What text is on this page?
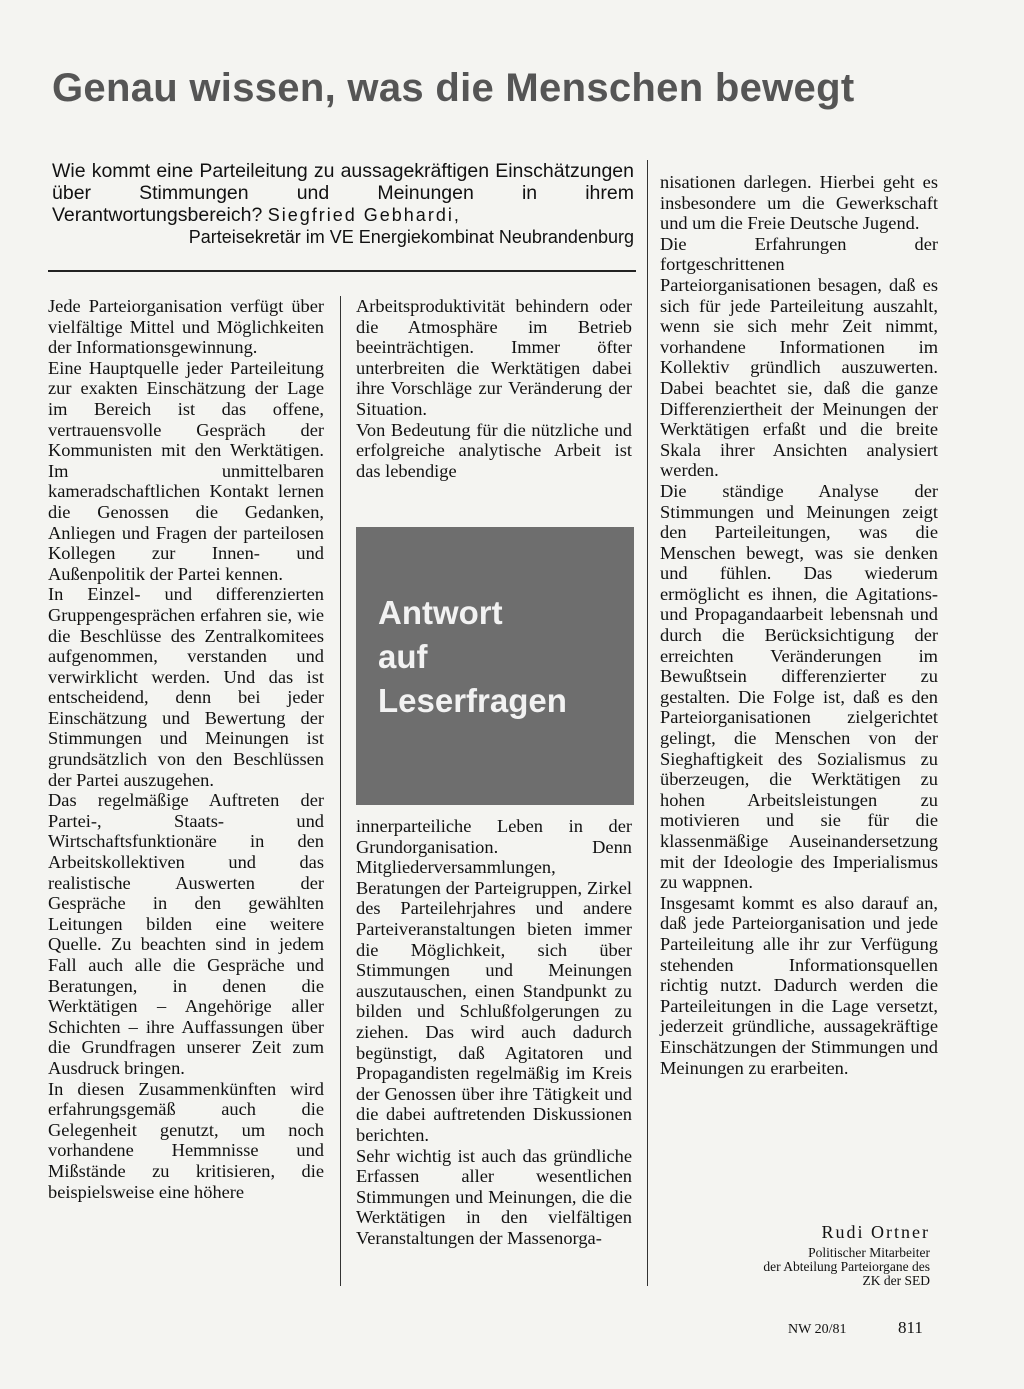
Genau wissen, was die Menschen bewegt
Wie kommt eine Parteileitung zu aussagekräftigen Einschätzungen über Stimmungen und Meinungen in ihrem Verantwortungsbereich? Siegfried Gebhardi,
Parteisekretär im VE Energiekombinat Neubrandenburg

Jede Parteiorganisation verfügt über vielfältige Mittel und Möglichkeiten der Informationsgewinnung.

Eine Hauptquelle jeder Parteileitung zur exakten Einschätzung der Lage im Bereich ist das offene, vertrauensvolle Gespräch der Kommunisten mit den Werktätigen. Im unmittelbaren kameradschaftlichen Kontakt lernen die Genossen die Gedanken, Anliegen und Fragen der parteilosen Kollegen zur Innen- und Außenpolitik der Partei kennen.

In Einzel- und differenzierten Gruppengesprächen erfahren sie, wie die Beschlüsse des Zentralkomitees aufgenommen, verstanden und verwirklicht werden. Und das ist entscheidend, denn bei jeder Einschätzung und Bewertung der Stimmungen und Meinungen ist grundsätzlich von den Beschlüssen der Partei auszugehen.

Das regelmäßige Auftreten der Partei-, Staats- und Wirtschaftsfunktionäre in den Arbeitskollektiven und das realistische Auswerten der Gespräche in den gewählten Leitungen bilden eine weitere Quelle. Zu beachten sind in jedem Fall auch alle die Gespräche und Beratungen, in denen die Werktätigen – Angehörige aller Schichten – ihre Auffassungen über die Grundfragen unserer Zeit zum Ausdruck bringen.

In diesen Zusammenkünften wird erfahrungsgemäß auch die Gelegenheit genutzt, um noch vorhandene Hemmnisse und Mißstände zu kritisieren, die beispielsweise eine höhere

Arbeitsproduktivität behindern oder die Atmosphäre im Betrieb beeinträchtigen. Immer öfter unterbreiten die Werktätigen dabei ihre Vorschläge zur Veränderung der Situation.

Von Bedeutung für die nützliche und erfolgreiche analytische Arbeit ist das lebendige

Antwort
auf
Leserfragen

innerparteiliche Leben in der Grundorganisation. Denn Mitgliederversammlungen, Beratungen der Parteigruppen, Zirkel des Parteilehrjahres und andere Parteiveranstaltungen bieten immer die Möglichkeit, sich über Stimmungen und Meinungen auszutauschen, einen Standpunkt zu bilden und Schlußfolgerungen zu ziehen. Das wird auch dadurch begünstigt, daß Agitatoren und Propagandisten regelmäßig im Kreis der Genossen über ihre Tätigkeit und die dabei auftretenden Diskussionen berichten.

Sehr wichtig ist auch das gründliche Erfassen aller wesentlichen Stimmungen und Meinungen, die die Werktätigen in den vielfältigen Veranstaltungen der Massenorga-

nisationen darlegen. Hierbei geht es insbesondere um die Gewerkschaft und um die Freie Deutsche Jugend.

Die Erfahrungen der fortgeschrittenen Parteiorganisationen besagen, daß es sich für jede Parteileitung auszahlt, wenn sie sich mehr Zeit nimmt, vorhandene Informationen im Kollektiv gründlich auszuwerten. Dabei beachtet sie, daß die ganze Differenziertheit der Meinungen der Werktätigen erfaßt und die breite Skala ihrer Ansichten analysiert werden.

Die ständige Analyse der Stimmungen und Meinungen zeigt den Parteileitungen, was die Menschen bewegt, was sie denken und fühlen. Das wiederum ermöglicht es ihnen, die Agitations- und Propagandaarbeit lebensnah und durch die Berücksichtigung der erreichten Veränderungen im Bewußtsein differenzierter zu gestalten. Die Folge ist, daß es den Parteiorganisationen zielgerichtet gelingt, die Menschen von der Sieghaftigkeit des Sozialismus zu überzeugen, die Werktätigen zu hohen Arbeitsleistungen zu motivieren und sie für die klassenmäßige Auseinandersetzung mit der Ideologie des Imperialismus zu wappnen.

Insgesamt kommt es also darauf an, daß jede Parteiorganisation und jede Parteileitung alle ihr zur Verfügung stehenden Informationsquellen richtig nutzt. Dadurch werden die Parteileitungen in die Lage versetzt, jederzeit gründliche, aussagekräftige Einschätzungen der Stimmungen und Meinungen zu erarbeiten.

Rudi Ortner
Politischer Mitarbeiter
der Abteilung Parteiorgane des
ZK der SED
NW 20/81	811
